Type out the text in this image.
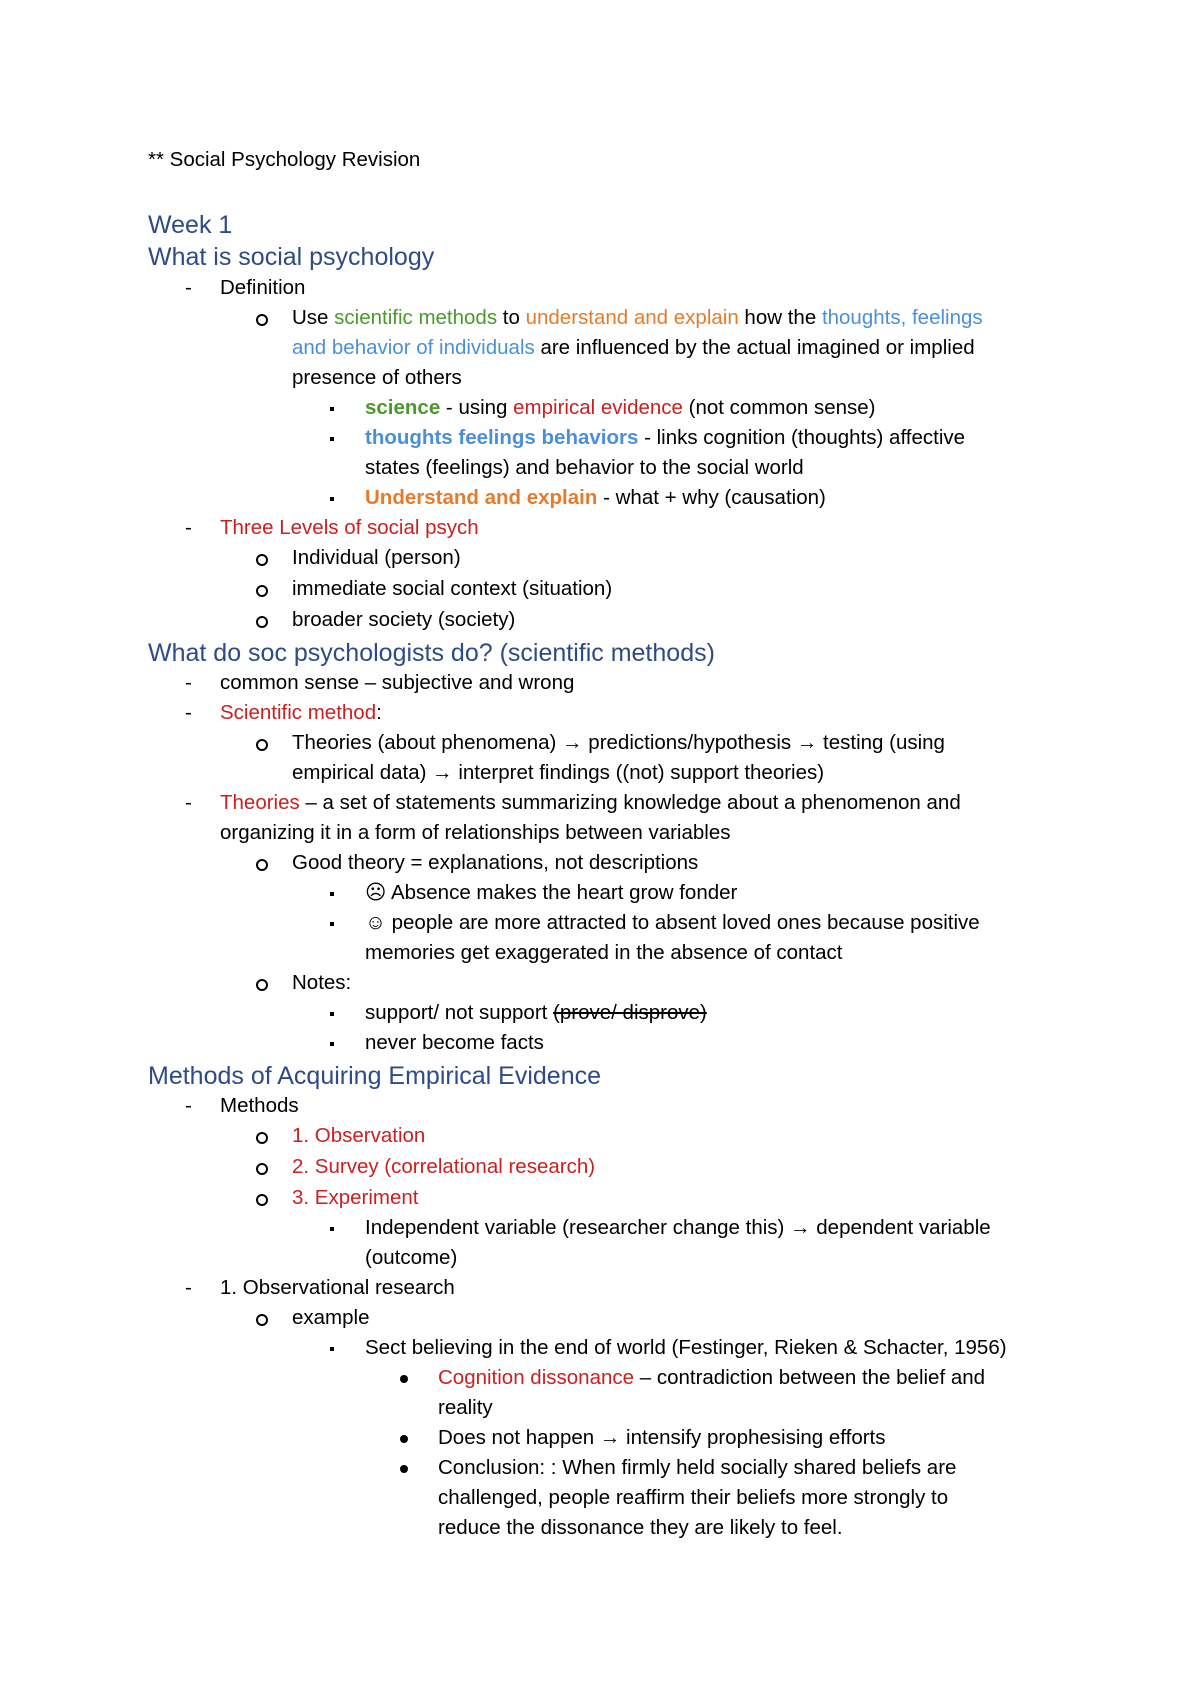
** Social Psychology Revision
Week 1
What is social psychology
- Definition
Use scientific methods to understand and explain how the thoughts, feelings
and behavior of individuals are influenced by the actual imagined or implied
presence of others
science - using empirical evidence (not common sense)
thoughts feelings behaviors - links cognition (thoughts) affective
states (feelings) and behavior to the social world
Understand and explain - what + why (causation)
- Three Levels of social psych
Individual (person)
immediate social context (situation)
broader society (society)
What do soc psychologists do? (scientific methods)
- common sense – subjective and wrong
- Scientific method:
Theories (about phenomena) → predictions/hypothesis → testing (using
empirical data) → interpret findings ((not) support theories)
- Theories – a set of statements summarizing knowledge about a phenomenon and
organizing it in a form of relationships between variables
Good theory = explanations, not descriptions
☹ Absence makes the heart grow fonder
☺ people are more attracted to absent loved ones because positive
memories get exaggerated in the absence of contact
Notes:
support/ not support (prove/ disprove)
never become facts
Methods of Acquiring Empirical Evidence
- Methods
1. Observation
2. Survey (correlational research)
3. Experiment
Independent variable (researcher change this) → dependent variable
(outcome)
- 1. Observational research
example
Sect believing in the end of world (Festinger, Rieken & Schacter, 1956)
Cognition dissonance – contradiction between the belief and
reality
Does not happen → intensify prophesising efforts
Conclusion: : When firmly held socially shared beliefs are
challenged, people reaffirm their beliefs more strongly to
reduce the dissonance they are likely to feel.
